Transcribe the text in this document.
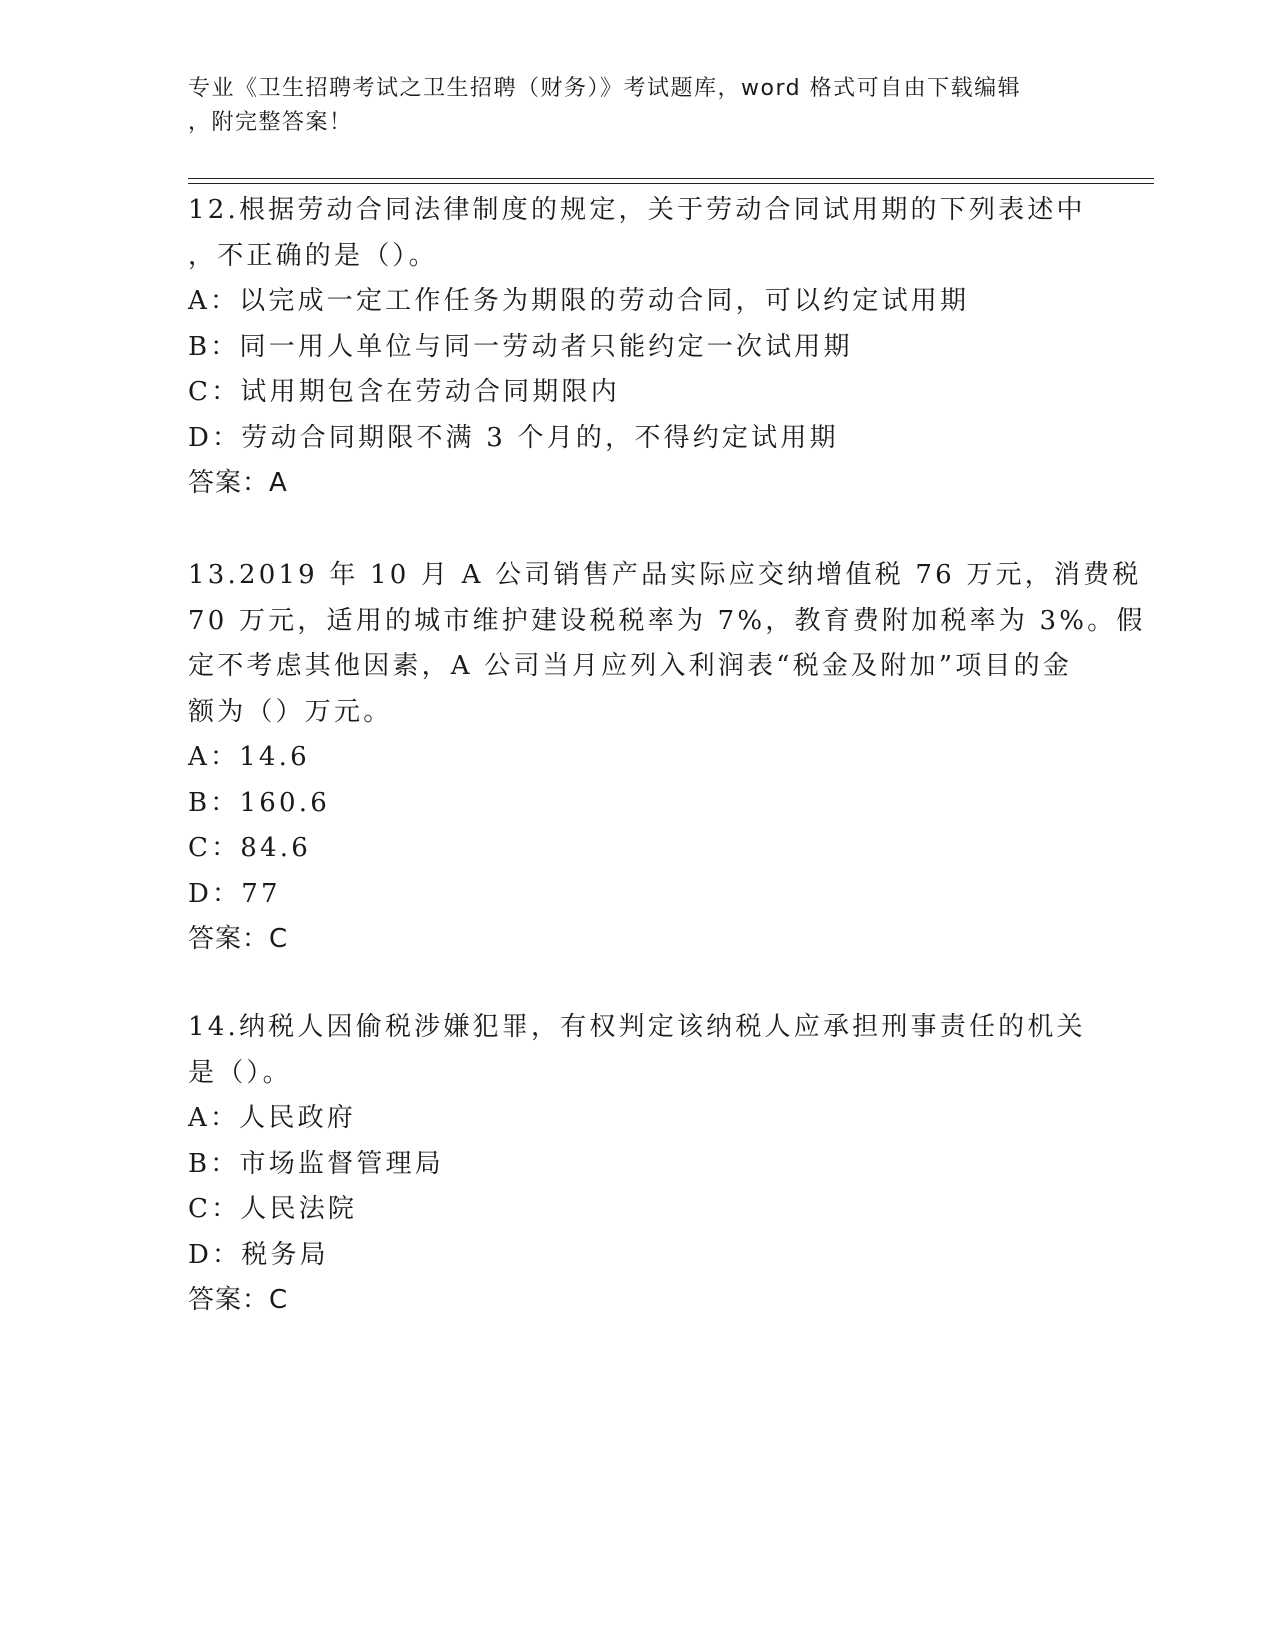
专业《卫生招聘考试之卫生招聘（财务）》考试题库，word 格式可自由下载编辑
，附完整答案！
12.根据劳动合同法律制度的规定，关于劳动合同试用期的下列表述中
，不正确的是（）。
A：以完成一定工作任务为期限的劳动合同，可以约定试用期
B：同一用人单位与同一劳动者只能约定一次试用期
C：试用期包含在劳动合同期限内
D：劳动合同期限不满 3 个月的，不得约定试用期
答案：A
13.2019 年 10 月 A 公司销售产品实际应交纳增值税 76 万元，消费税
70 万元，适用的城市维护建设税税率为 7%，教育费附加税率为 3%。假
定不考虑其他因素，A 公司当月应列入利润表“税金及附加”项目的金
额为（）万元。
A：14.6
B：160.6
C：84.6
D：77
答案：C
14.纳税人因偷税涉嫌犯罪，有权判定该纳税人应承担刑事责任的机关
是（）。
A：人民政府
B：市场监督管理局
C：人民法院
D：税务局
答案：C
